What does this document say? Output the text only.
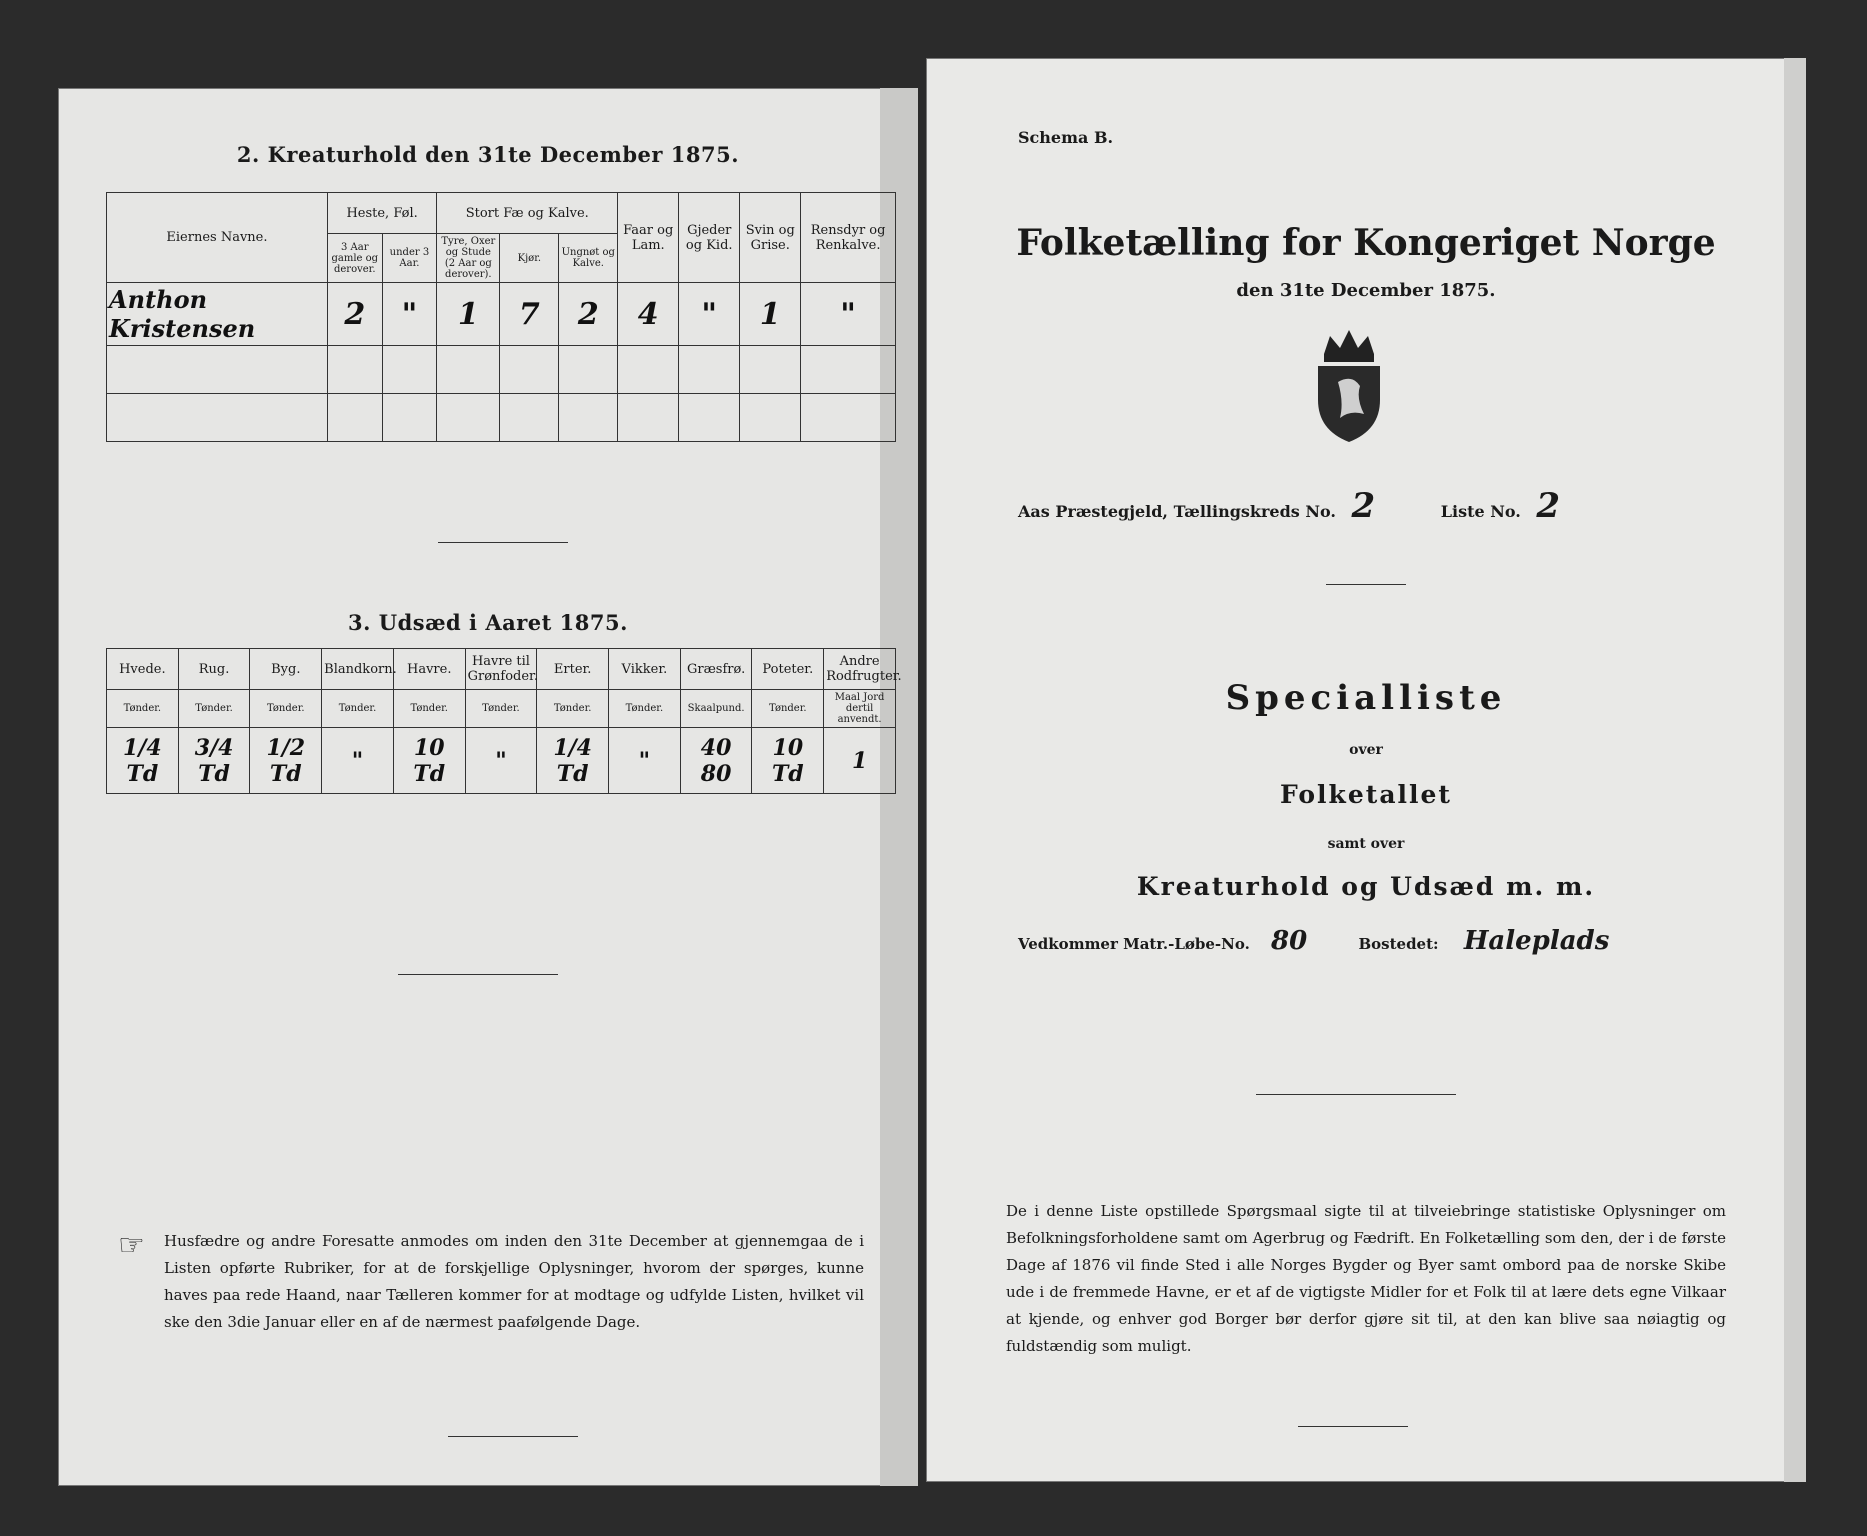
2. Kreaturhold den 31te December 1875.
Eiernes Navne.	Heste, Føl.		Stort Fæ og Kalve.			Faar og Lam.	Gjeder og Kid.	Svin og Grise.	Rensdyr og Renkalve.
	3 Aar gamle og derover.	under 3 Aar.	Tyre, Oxer og Stude (2 Aar og derover).	Kjør.	Ungnøt og Kalve.				
Anthon Kristensen	2	"	1	7	2	4	"	1	"

3. Udsæd i Aaret 1875.
Hvede.	Rug.	Byg.	Blandkorn.	Havre.	Havre til Grønfoder.	Erter.	Vikker.	Græsfrø.	Poteter.	Andre Rodfrugter.
Tønder.	Tønder.	Tønder.	Tønder.	Tønder.	Tønder.	Tønder.	Tønder.	Skaalpund.	Tønder.	Maal Jord dertil anvendt.
1/4 Td	3/4 Td	1/2 Td	"	10 Td	"	1/4 Td	"	40 80	10 Td	1
☞ Husfædre og andre Foresatte anmodes om inden den 31te December at gjennemgaa de i Listen opførte Rubriker, for at de forskjellige Oplysninger, hvorom der spørges, kunne haves paa rede Haand, naar Tælleren kommer for at modtage og udfylde Listen, hvilket vil ske den 3die Januar eller en af de nærmest paafølgende Dage.
Schema B.
Folketælling for Kongeriget Norge
den 31te December 1875.
Aas Præstegjeld, Tællingskreds No. 2	Liste No. 2
Specialliste
over
Folketallet
samt over
Kreaturhold og Udsæd m. m.
Vedkommer Matr.-Løbe-No. 80	Bostedet: Haleplads
De i denne Liste opstillede Spørgsmaal sigte til at tilveiebringe statistiske Oplysninger om Befolkningsforholdene samt om Agerbrug og Fædrift. En Folketælling som den, der i de første Dage af 1876 vil finde Sted i alle Norges Bygder og Byer samt ombord paa de norske Skibe ude i de fremmede Havne, er et af de vigtigste Midler for et Folk til at lære dets egne Vilkaar at kjende, og enhver god Borger bør derfor gjøre sit til, at den kan blive saa nøiagtig og fuldstændig som muligt.
